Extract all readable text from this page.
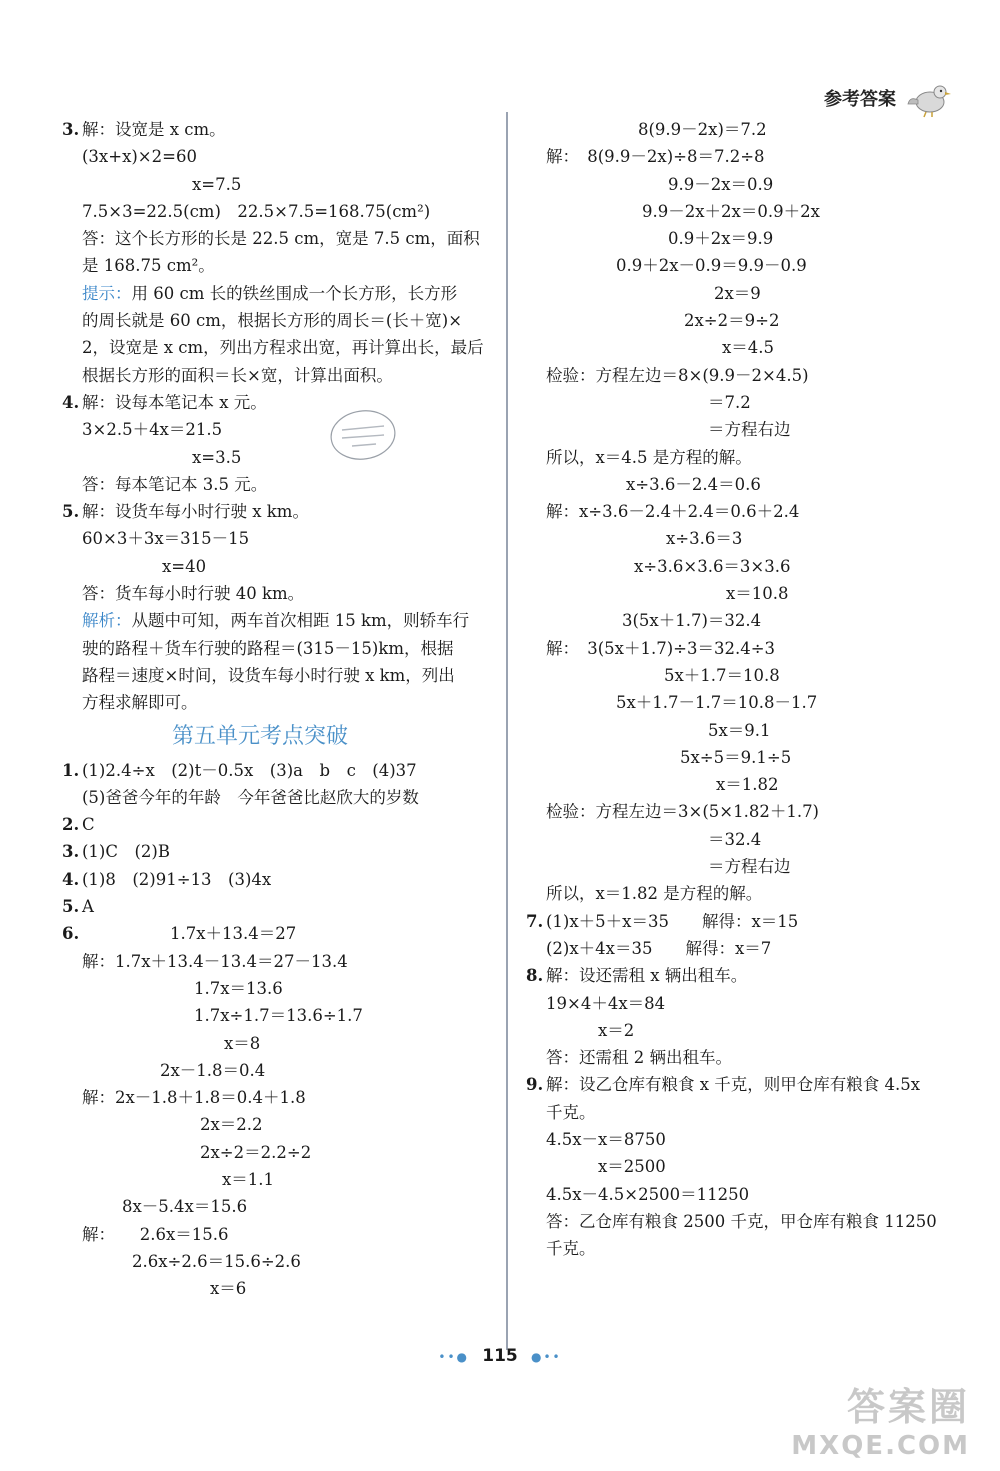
参考答案
3. 解：设宽是 x cm。
(3x+x)×2=60
x=7.5
7.5×3=22.5(cm)　22.5×7.5=168.75(cm²)
答：这个长方形的长是 22.5 cm，宽是 7.5 cm，面积
是 168.75 cm²。
提示：用 60 cm 长的铁丝围成一个长方形，长方形
的周长就是 60 cm，根据长方形的周长＝(长＋宽)×
2，设宽是 x cm，列出方程求出宽，再计算出长，最后
根据长方形的面积＝长×宽，计算出面积。
4. 解：设每本笔记本 x 元。
3×2.5＋4x＝21.5
x=3.5
答：每本笔记本 3.5 元。
5. 解：设货车每小时行驶 x km。
60×3＋3x＝315－15
x=40
答：货车每小时行驶 40 km。
解析：从题中可知，两车首次相距 15 km，则轿车行
驶的路程＋货车行驶的路程＝(315－15)km，根据
路程＝速度×时间，设货车每小时行驶 x km，列出
方程求解即可。
第五单元考点突破
1. (1)2.4÷x　(2)t－0.5x　(3)a　b　c　(4)37
(5)爸爸今年的年龄　今年爸爸比赵欣大的岁数
2. C
3. (1)C　(2)B
4. (1)8　(2)91÷13　(3)4x
5. A
6.	1.7x＋13.4＝27
解：1.7x＋13.4－13.4＝27－13.4
1.7x＝13.6
1.7x÷1.7＝13.6÷1.7
x＝8
2x－1.8＝0.4
解：2x－1.8＋1.8＝0.4＋1.8
2x＝2.2
2x÷2＝2.2÷2
x＝1.1
8x－5.4x＝15.6
解：　　2.6x＝15.6
2.6x÷2.6＝15.6÷2.6
x＝6
8(9.9－2x)＝7.2
解：　8(9.9－2x)÷8＝7.2÷8
9.9－2x＝0.9
9.9－2x＋2x＝0.9＋2x
0.9＋2x＝9.9
0.9＋2x－0.9＝9.9－0.9
2x＝9
2x÷2＝9÷2
x＝4.5
检验：方程左边＝8×(9.9－2×4.5)
＝7.2
＝方程右边
所以，x＝4.5 是方程的解。
x÷3.6－2.4＝0.6
解：x÷3.6－2.4＋2.4＝0.6＋2.4
x÷3.6＝3
x÷3.6×3.6＝3×3.6
x＝10.8
3(5x＋1.7)＝32.4
解：　3(5x＋1.7)÷3＝32.4÷3
5x＋1.7＝10.8
5x＋1.7－1.7＝10.8－1.7
5x＝9.1
5x÷5＝9.1÷5
x＝1.82
检验：方程左边＝3×(5×1.82＋1.7)
＝32.4
＝方程右边
所以，x＝1.82 是方程的解。
7. (1)x＋5＋x＝35　　解得：x＝15
(2)x＋4x＝35　　解得：x＝7
8. 解：设还需租 x 辆出租车。
19×4＋4x＝84
x＝2
答：还需租 2 辆出租车。
9. 解：设乙仓库有粮食 x 千克，则甲仓库有粮食 4.5x
千克。
4.5x－x＝8750
x＝2500
4.5x－4.5×2500＝11250
答：乙仓库有粮食 2500 千克，甲仓库有粮食 11250
千克。
••● 115 ●••
答案圈
MXQE.COM
